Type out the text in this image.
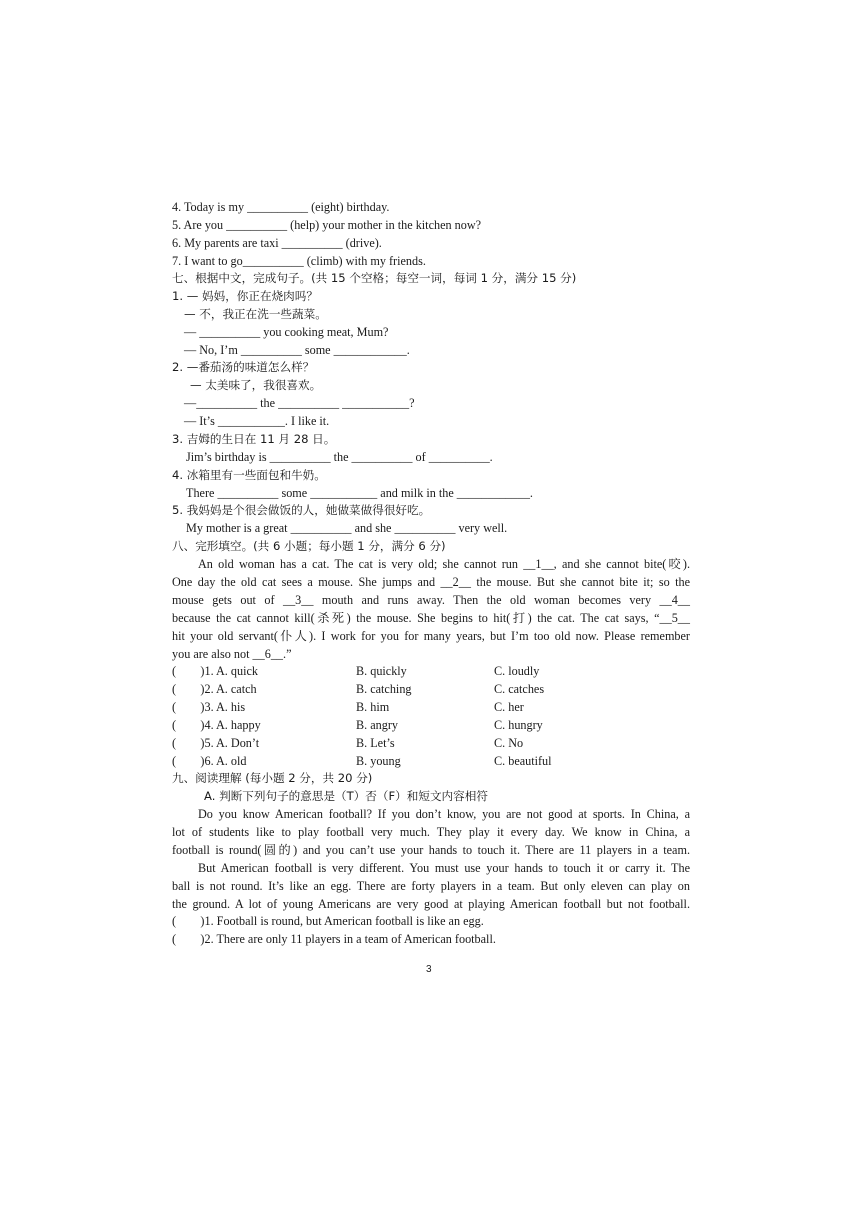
4. Today is my __________ (eight) birthday.
5. Are you __________ (help) your mother in the kitchen now?
6. My parents are taxi __________ (drive).
7. I want to go__________ (climb) with my friends.
七、根据中文，完成句子。(共 15 个空格；每空一词，每词 1 分，满分 15 分)
1. — 妈妈，你正在烧肉吗？
— 不，我正在洗一些蔬菜。
— __________ you cooking meat, Mum?
— No, I’m __________ some ____________.
2. —番茄汤的味道怎么样？
— 太美味了，我很喜欢。
—__________ the __________ ___________?
— It’s ___________. I like it.
3. 吉姆的生日在 11 月 28 日。
Jim’s birthday is __________ the __________ of __________.
4. 冰箱里有一些面包和牛奶。
There __________ some ___________ and milk in the ____________.
5. 我妈妈是个很会做饭的人，她做菜做得很好吃。
My mother is a great __________ and she __________ very well.
八、完形填空。(共 6 小题；每小题 1 分，满分 6 分)
An old woman has a cat. The cat is very old; she cannot run __1__, and she cannot bite(咬).
One day the old cat sees a mouse. She jumps and __2__ the mouse. But she cannot bite it; so the
mouse gets out of __3__ mouth and runs away. Then the old woman becomes very __4__
because the cat cannot kill(杀死) the mouse. She begins to hit(打) the cat. The cat says, “__5__
hit your old servant(仆人). I work for you for many years, but I’m too old now. Please remember
you are also not __6__.”
(        )1. A. quick	B. quickly	C. loudly
(        )2. A. catch	B. catching	C. catches
(        )3. A. his	B. him	C. her
(        )4. A. happy	B. angry	C. hungry
(        )5. A. Don’t	B. Let’s	C. No
(        )6. A. old	B. young	C. beautiful
九、阅读理解 (每小题 2 分，共 20 分)
A. 判断下列句子的意思是（T）否（F）和短文内容相符
Do you know American football? If you don’t know, you are not good at sports. In China, a
lot of students like to play football very much. They play it every day. We know in China, a
football is round(圆的) and you can’t use your hands to touch it. There are 11 players in a team.
But American football is very different. You must use your hands to touch it or carry it. The
ball is not round. It’s like an egg. There are forty players in a team. But only eleven can play on
the ground. A lot of young Americans are very good at playing American football but not football.
(        )1. Football is round, but American football is like an egg.
(        )2. There are only 11 players in a team of American football.
3
